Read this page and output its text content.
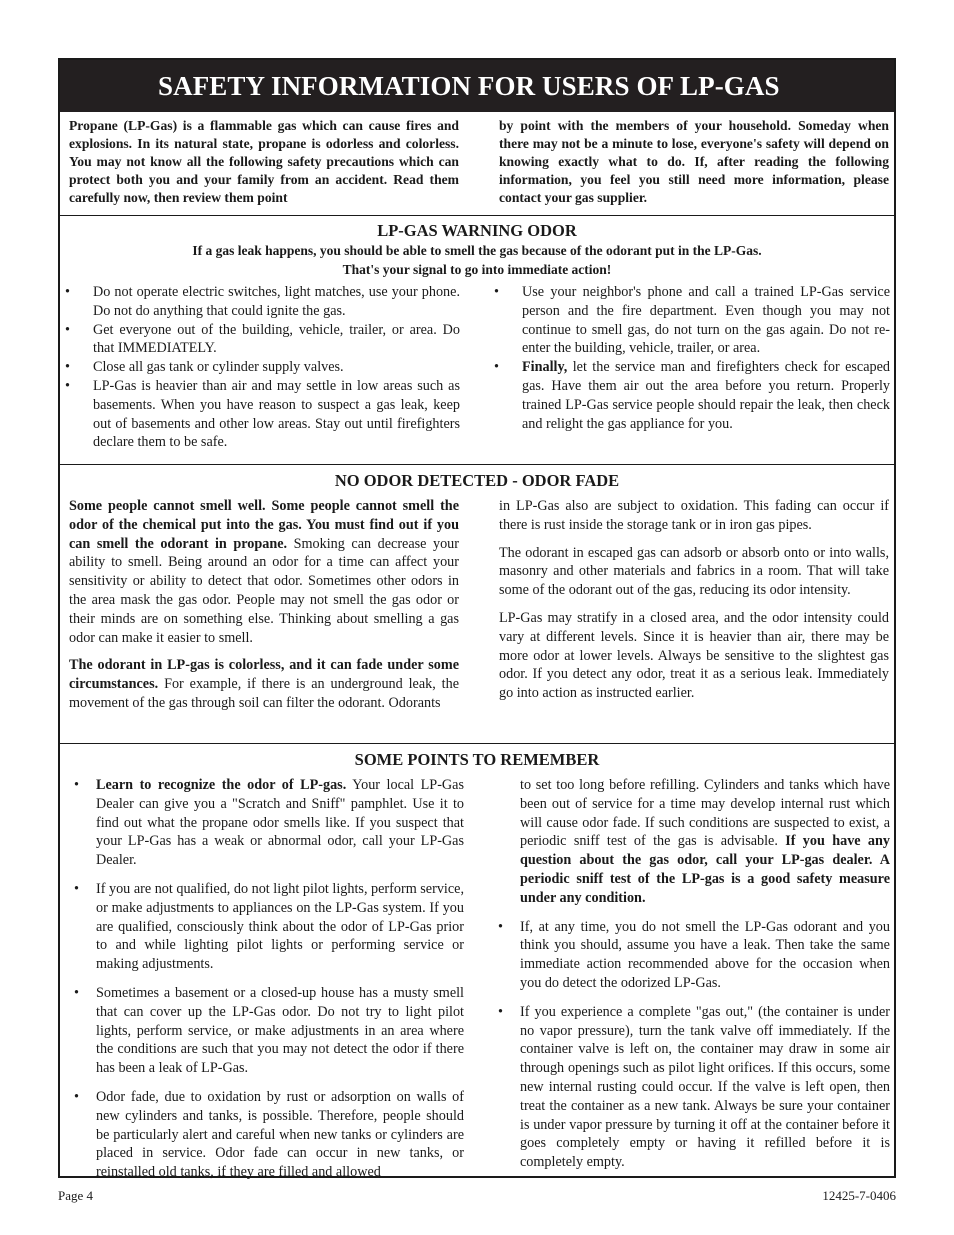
SAFETY INFORMATION FOR USERS OF LP-GAS

Propane (LP-Gas) is a flammable gas which can cause fires and explosions. In its natural state, propane is odorless and colorless. You may not know all the following safety precautions which can protect both you and your family from an accident. Read them carefully now, then review them point

by point with the members of your household. Someday when there may not be a minute to lose, everyone's safety will depend on knowing exactly what to do. If, after reading the following information, you feel you still need more information, please contact your gas supplier.

LP-GAS WARNING ODOR
If a gas leak happens, you should be able to smell the gas because of the odorant put in the LP-Gas.
That's your signal to go into immediate action!
• Do not operate electric switches, light matches, use your phone. Do not do anything that could ignite the gas.
• Get everyone out of the building, vehicle, trailer, or area. Do that IMMEDIATELY.
• Close all gas tank or cylinder supply valves.
• LP-Gas is heavier than air and may settle in low areas such as basements. When you have reason to suspect a gas leak, keep out of basements and other low areas. Stay out until firefighters declare them to be safe.
• Use your neighbor's phone and call a trained LP-Gas service person and the fire department. Even though you may not continue to smell gas, do not turn on the gas again. Do not re-enter the building, vehicle, trailer, or area.
• Finally, let the service man and firefighters check for escaped gas. Have them air out the area before you return. Properly trained LP-Gas service people should repair the leak, then check and relight the gas appliance for you.
NO ODOR DETECTED - ODOR FADE

Some people cannot smell well. Some people cannot smell the odor of the chemical put into the gas. You must find out if you can smell the odorant in propane. Smoking can decrease your ability to smell. Being around an odor for a time can affect your sensitivity or ability to detect that odor. Sometimes other odors in the area mask the gas odor. People may not smell the gas odor or their minds are on something else. Thinking about smelling a gas odor can make it easier to smell.

The odorant in LP-gas is colorless, and it can fade under some circumstances. For example, if there is an underground leak, the movement of the gas through soil can filter the odorant. Odorants

in LP-Gas also are subject to oxidation. This fading can occur if there is rust inside the storage tank or in iron gas pipes.

The odorant in escaped gas can adsorb or absorb onto or into walls, masonry and other materials and fabrics in a room. That will take some of the odorant out of the gas, reducing its odor intensity.

LP-Gas may stratify in a closed area, and the odor intensity could vary at different levels. Since it is heavier than air, there may be more odor at lower levels. Always be sensitive to the slightest gas odor. If you detect any odor, treat it as a serious leak. Immediately go into action as instructed earlier.

SOME POINTS TO REMEMBER
• Learn to recognize the odor of LP-gas. Your local LP-Gas Dealer can give you a "Scratch and Sniff" pamphlet. Use it to find out what the propane odor smells like. If you suspect that your LP-Gas has a weak or abnormal odor, call your LP-Gas Dealer.
• If you are not qualified, do not light pilot lights, perform service, or make adjustments to appliances on the LP-Gas system. If you are qualified, consciously think about the odor of LP-Gas prior to and while lighting pilot lights or performing service or making adjustments.
• Sometimes a basement or a closed-up house has a musty smell that can cover up the LP-Gas odor. Do not try to light pilot lights, perform service, or make adjustments in an area where the conditions are such that you may not detect the odor if there has been a leak of LP-Gas.
• Odor fade, due to oxidation by rust or adsorption on walls of new cylinders and tanks, is possible. Therefore, people should be particularly alert and careful when new tanks or cylinders are placed in service. Odor fade can occur in new tanks, or reinstalled old tanks, if they are filled and allowed
to set too long before refilling. Cylinders and tanks which have been out of service for a time may develop internal rust which will cause odor fade. If such conditions are suspected to exist, a periodic sniff test of the gas is advisable. If you have any question about the gas odor, call your LP-gas dealer. A periodic sniff test of the LP-gas is a good safety measure under any condition.
• If, at any time, you do not smell the LP-Gas odorant and you think you should, assume you have a leak. Then take the same immediate action recommended above for the occasion when you do detect the odorized LP-Gas.
• If you experience a complete "gas out," (the container is under no vapor pressure), turn the tank valve off immediately. If the container valve is left on, the container may draw in some air through openings such as pilot light orifices. If this occurs, some new internal rusting could occur. If the valve is left open, then treat the container as a new tank. Always be sure your container is under vapor pressure by turning it off at the container before it goes completely empty or having it refilled before it is completely empty.
Page 4	12425-7-0406
